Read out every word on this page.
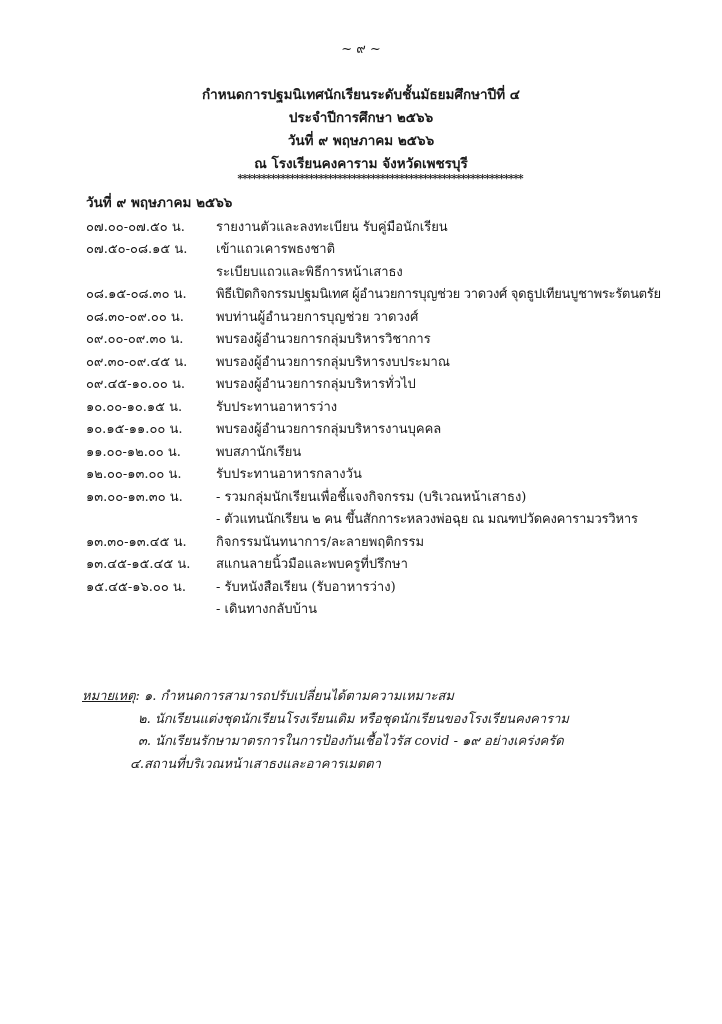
~ ๙ ~
กำหนดการปฐมนิเทศนักเรียนระดับชั้นมัธยมศึกษาปีที่ ๔
ประจำปีการศึกษา ๒๕๖๖
วันที่ ๙ พฤษภาคม ๒๕๖๖
ณ โรงเรียนคงคาราม จังหวัดเพชรบุรี
************************************************************
วันที่ ๙ พฤษภาคม ๒๕๖๖
๐๗.๐๐-๐๗.๕๐ น.	รายงานตัวและลงทะเบียน รับคู่มือนักเรียน
๐๗.๕๐-๐๘.๑๕ น.	เข้าแถวเคารพธงชาติ
ระเบียบแถวและพิธีการหน้าเสาธง
๐๘.๑๕-๐๘.๓๐ น.	พิธีเปิดกิจกรรมปฐมนิเทศ ผู้อำนวยการบุญช่วย วาดวงศ์ จุดธูปเทียนบูชาพระรัตนตรัย
๐๘.๓๐-๐๙.๐๐ น.	พบท่านผู้อำนวยการบุญช่วย วาดวงศ์
๐๙.๐๐-๐๙.๓๐ น.	พบรองผู้อำนวยการกลุ่มบริหารวิชาการ
๐๙.๓๐-๐๙.๔๕ น.	พบรองผู้อำนวยการกลุ่มบริหารงบประมาณ
๐๙.๔๕-๑๐.๐๐ น.	พบรองผู้อำนวยการกลุ่มบริหารทั่วไป
๑๐.๐๐-๑๐.๑๕ น.	รับประทานอาหารว่าง
๑๐.๑๕-๑๑.๐๐ น.	พบรองผู้อำนวยการกลุ่มบริหารงานบุคคล
๑๑.๐๐-๑๒.๐๐ น.	พบสภานักเรียน
๑๒.๐๐-๑๓.๐๐ น.	รับประทานอาหารกลางวัน
๑๓.๐๐-๑๓.๓๐ น.	- รวมกลุ่มนักเรียนเพื่อชี้แจงกิจกรรม (บริเวณหน้าเสาธง)
- ตัวแทนนักเรียน ๒ คน ขึ้นสักการะหลวงพ่อฉุย ณ มณฑปวัดคงคารามวรวิหาร
๑๓.๓๐-๑๓.๔๕ น.	กิจกรรมนันทนาการ/ละลายพฤติกรรม
๑๓.๔๕-๑๕.๔๕ น.	สแกนลายนิ้วมือและพบครูที่ปรึกษา
๑๕.๔๕-๑๖.๐๐ น.	- รับหนังสือเรียน (รับอาหารว่าง)
- เดินทางกลับบ้าน
หมายเหตุ: ๑. กำหนดการสามารถปรับเปลี่ยนได้ตามความเหมาะสม
๒. นักเรียนแต่งชุดนักเรียนโรงเรียนเดิม หรือชุดนักเรียนของโรงเรียนคงคาราม
๓. นักเรียนรักษามาตรการในการป้องกันเชื้อไวรัส covid - ๑๙ อย่างเคร่งครัด
๔.สถานที่บริเวณหน้าเสาธงและอาคารเมตตา
